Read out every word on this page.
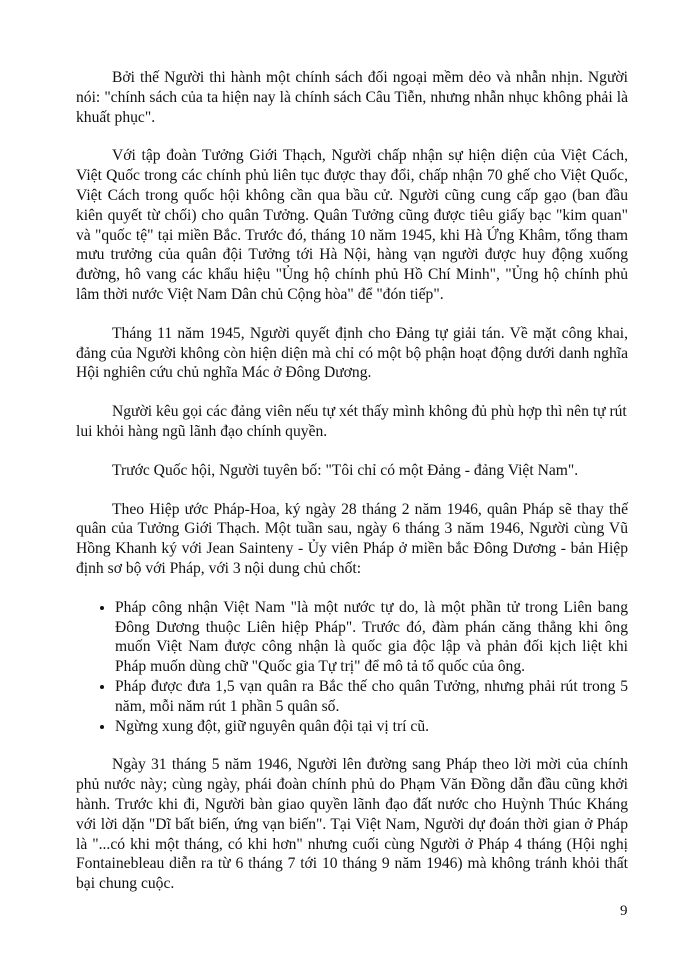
Bởi thế Người thi hành một chính sách đối ngoại mềm dẻo và nhẫn nhịn. Người nói: "chính sách của ta hiện nay là chính sách Câu Tiễn, nhưng nhẫn nhục không phải là khuất phục".

Với tập đoàn Tưởng Giới Thạch, Người chấp nhận sự hiện diện của Việt Cách, Việt Quốc trong các chính phủ liên tục được thay đổi, chấp nhận 70 ghế cho Việt Quốc, Việt Cách trong quốc hội không cần qua bầu cử. Người cũng cung cấp gạo (ban đầu kiên quyết từ chối) cho quân Tưởng. Quân Tưởng cũng được tiêu giấy bạc "kim quan" và "quốc tệ" tại miền Bắc. Trước đó, tháng 10 năm 1945, khi Hà Ứng Khâm, tổng tham mưu trưởng của quân đội Tưởng tới Hà Nội, hàng vạn người được huy động xuống đường, hô vang các khẩu hiệu "Ủng hộ chính phủ Hồ Chí Minh", "Ủng hộ chính phủ lâm thời nước Việt Nam Dân chủ Cộng hòa" để "đón tiếp".

Tháng 11 năm 1945, Người quyết định cho Đảng tự giải tán. Về mặt công khai, đảng của Người không còn hiện diện mà chỉ có một bộ phận hoạt động dưới danh nghĩa Hội nghiên cứu chủ nghĩa Mác ở Đông Dương.

Người kêu gọi các đảng viên nếu tự xét thấy mình không đủ phù hợp thì nên tự rút lui khỏi hàng ngũ lãnh đạo chính quyền.

Trước Quốc hội, Người tuyên bố: "Tôi chỉ có một Đảng - đảng Việt Nam".

Theo Hiệp ước Pháp-Hoa, ký ngày 28 tháng 2 năm 1946, quân Pháp sẽ thay thế quân của Tưởng Giới Thạch. Một tuần sau, ngày 6 tháng 3 năm 1946, Người cùng Vũ Hồng Khanh ký với Jean Sainteny - Ủy viên Pháp ở miền bắc Đông Dương - bản Hiệp định sơ bộ với Pháp, với 3 nội dung chủ chốt:

• Pháp công nhận Việt Nam "là một nước tự do, là một phần tử trong Liên bang Đông Dương thuộc Liên hiệp Pháp". Trước đó, đàm phán căng thẳng khi ông muốn Việt Nam được công nhận là quốc gia độc lập và phản đối kịch liệt khi Pháp muốn dùng chữ "Quốc gia Tự trị" để mô tả tổ quốc của ông.
• Pháp được đưa 1,5 vạn quân ra Bắc thế cho quân Tưởng, nhưng phải rút trong 5 năm, mỗi năm rút 1 phần 5 quân số.
• Ngừng xung đột, giữ nguyên quân đội tại vị trí cũ.

Ngày 31 tháng 5 năm 1946, Người lên đường sang Pháp theo lời mời của chính phủ nước này; cùng ngày, phái đoàn chính phủ do Phạm Văn Đồng dẫn đầu cũng khởi hành. Trước khi đi, Người bàn giao quyền lãnh đạo đất nước cho Huỳnh Thúc Kháng với lời dặn "Dĩ bất biến, ứng vạn biến". Tại Việt Nam, Người dự đoán thời gian ở Pháp là "...có khi một tháng, có khi hơn" nhưng cuối cùng Người ở Pháp 4 tháng (Hội nghị Fontainebleau diễn ra từ 6 tháng 7 tới 10 tháng 9 năm 1946) mà không tránh khỏi thất bại chung cuộc.

9
